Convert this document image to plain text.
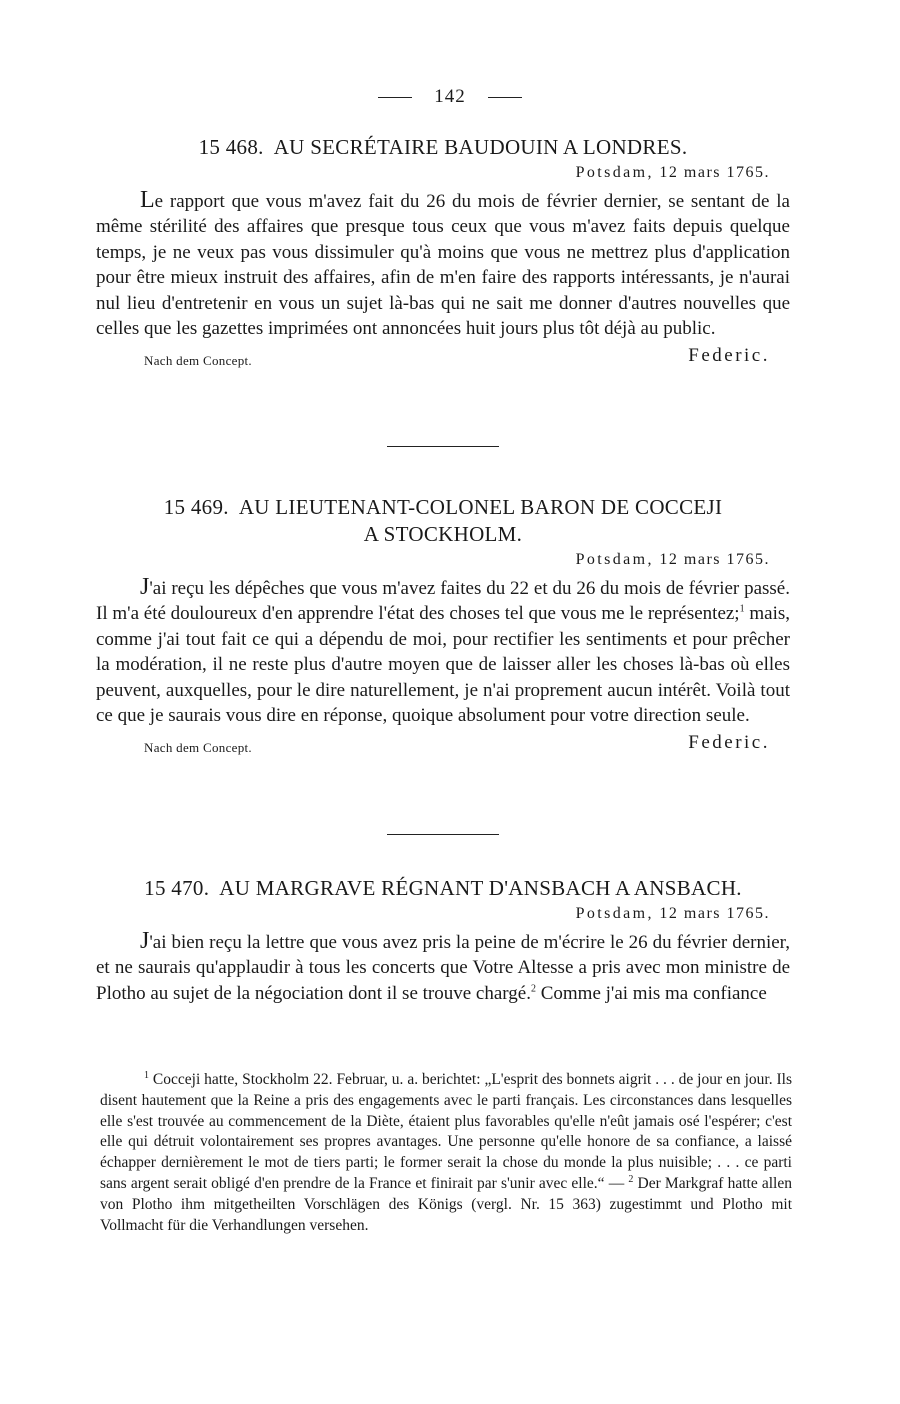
142
15 468. AU SECRÉTAIRE BAUDOUIN A LONDRES.
Potsdam, 12 mars 1765.

Le rapport que vous m'avez fait du 26 du mois de février dernier, se sentant de la même stérilité des affaires que presque tous ceux que vous m'avez faits depuis quelque temps, je ne veux pas vous dissimuler qu'à moins que vous ne mettrez plus d'application pour être mieux instruit des affaires, afin de m'en faire des rapports intéressants, je n'aurai nul lieu d'entretenir en vous un sujet là-bas qui ne sait me donner d'autres nouvelles que celles que les gazettes imprimées ont annoncées huit jours plus tôt déjà au public.

Nach dem Concept.	Federic.
15 469. AU LIEUTENANT-COLONEL BARON DE COCCEJI
A STOCKHOLM.
Potsdam, 12 mars 1765.

J'ai reçu les dépêches que vous m'avez faites du 22 et du 26 du mois de février passé. Il m'a été douloureux d'en apprendre l'état des choses tel que vous me le représentez;$^1$ mais, comme j'ai tout fait ce qui a dépendu de moi, pour rectifier les sentiments et pour prêcher la modération, il ne reste plus d'autre moyen que de laisser aller les choses là-bas où elles peuvent, auxquelles, pour le dire naturellement, je n'ai proprement aucun intérêt. Voilà tout ce que je saurais vous dire en réponse, quoique absolument pour votre direction seule.

Nach dem Concept.	Federic.
15 470. AU MARGRAVE RÉGNANT D'ANSBACH A ANSBACH.
Potsdam, 12 mars 1765.

J'ai bien reçu la lettre que vous avez pris la peine de m'écrire le 26 du février dernier, et ne saurais qu'applaudir à tous les concerts que Votre Altesse a pris avec mon ministre de Plotho au sujet de la négociation dont il se trouve chargé.$^2$ Comme j'ai mis ma confiance

$^1$ Cocceji hatte, Stockholm 22. Februar, u. a. berichtet: „L'esprit des bonnets aigrit . . . de jour en jour. Ils disent hautement que la Reine a pris des engagements avec le parti français. Les circonstances dans lesquelles elle s'est trouvée au commencement de la Diète, étaient plus favorables qu'elle n'eût jamais osé l'espérer; c'est elle qui détruit volontairement ses propres avantages. Une personne qu'elle honore de sa confiance, a laissé échapper dernièrement le mot de tiers parti; le former serait la chose du monde la plus nuisible; . . . ce parti sans argent serait obligé d'en prendre de la France et finirait par s'unir avec elle.“ — $^2$ Der Markgraf hatte allen von Plotho ihm mitgetheilten Vorschlägen des Königs (vergl. Nr. 15 363) zugestimmt und Plotho mit Vollmacht für die Verhandlungen versehen.
